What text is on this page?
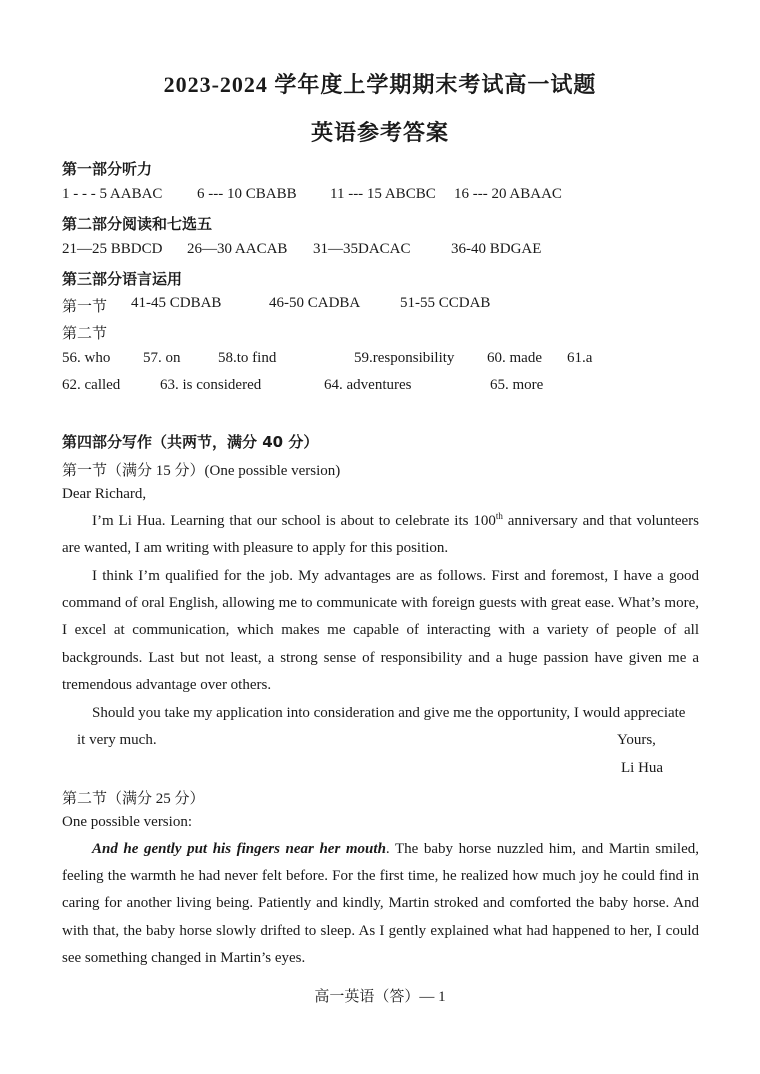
2023-2024 学年度上学期期末考试高一试题
英语参考答案
第一部分听力
1 - - - 5 AABAC 6 --- 10 CBABB 11 --- 15 ABCBC 16 --- 20 ABAAC
第二部分阅读和七选五
21—25 BBDCD 26—30 AACAB 31—35DACAC	36-40 BDGAE
第三部分语言运用
第一节 41-45 CDBAB	46-50 CADBA	51-55 CCDAB
第二节
56. who 57. on	58.to find	59.responsibility 60. made 61.a
62. called	63. is considered	64. adventures	65. more
第四部分写作（共两节，满分 40 分）
第一节（满分 15 分）(One possible version)
Dear Richard,
I’m Li Hua. Learning that our school is about to celebrate its 100th anniversary and that volunteers are wanted, I am writing with pleasure to apply for this position.
I think I’m qualified for the job. My advantages are as follows. First and foremost, I have a good command of oral English, allowing me to communicate with foreign guests with great ease. What’s more, I excel at communication, which makes me capable of interacting with a variety of people of all backgrounds. Last but not least, a strong sense of responsibility and a huge passion have given me a tremendous advantage over others.
Should you take my application into consideration and give me the opportunity, I would appreciate
it very much.	Yours,
Li Hua
第二节（满分 25 分）
One possible version:
And he gently put his fingers near her mouth. The baby horse nuzzled him, and Martin smiled, feeling the warmth he had never felt before. For the first time, he realized how much joy he could find in caring for another living being. Patiently and kindly, Martin stroked and comforted the baby horse. And with that, the baby horse slowly drifted to sleep. As I gently explained what had happened to her, I could see something changed in Martin’s eyes.
高一英语（答）— 1
